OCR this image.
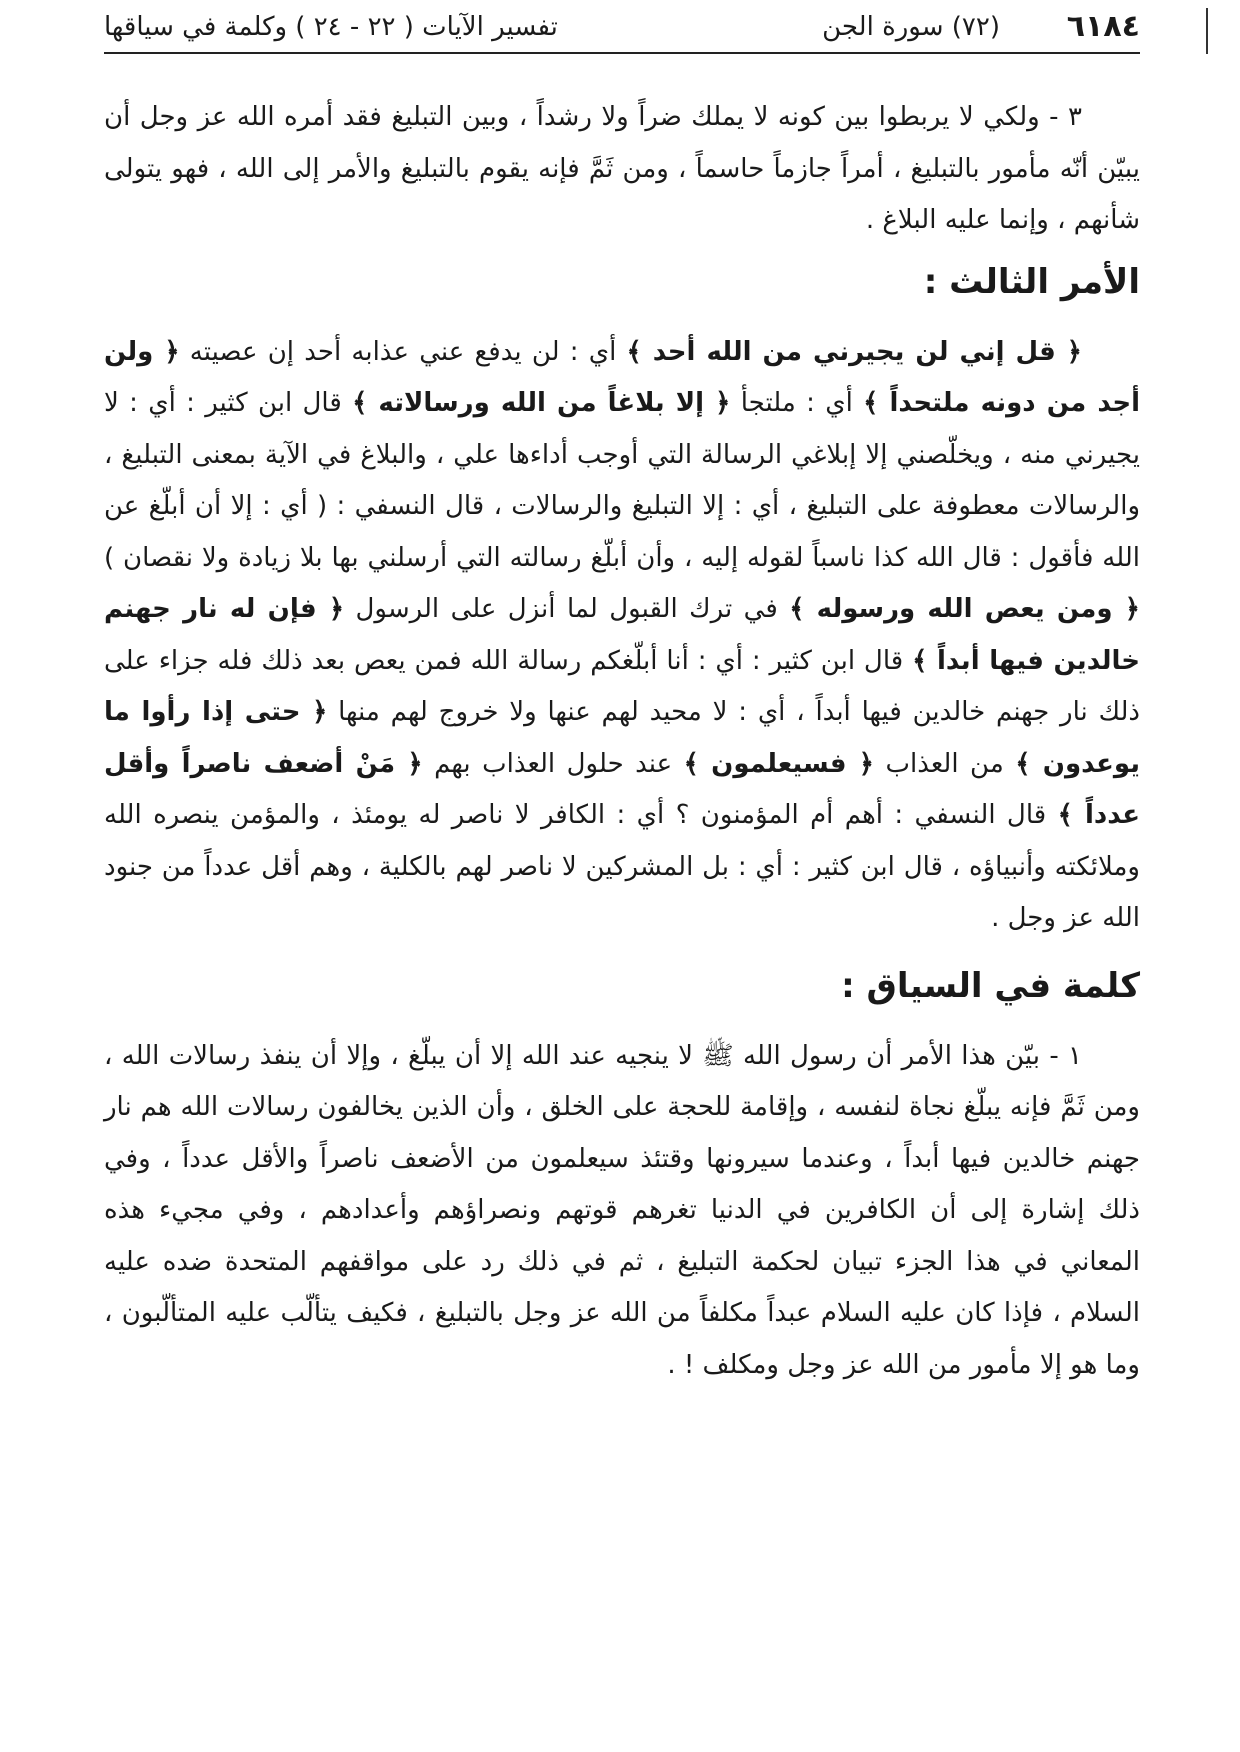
٦١٨٤
(٧٢) سورة الجن
تفسير الآيات ( ٢٢ - ٢٤ ) وكلمة في سياقها

٣ - ولكي لا يربطوا بين كونه لا يملك ضراً ولا رشداً ، وبين التبليغ فقد أمره الله عز وجل أن يبيّن أنّه مأمور بالتبليغ ، أمراً جازماً حاسماً ، ومن ثَمَّ فإنه يقوم بالتبليغ والأمر إلى الله ، فهو يتولى شأنهم ، وإنما عليه البلاغ .

الأمر الثالث :

﴿ قل إني لن يجيرني من الله أحد ﴾ أي : لن يدفع عني عذابه أحد إن عصيته ﴿ ولن أجد من دونه ملتحداً ﴾ أي : ملتجأ ﴿ إلا بلاغاً من الله ورسالاته ﴾ قال ابن كثير : أي : لا يجيرني منه ، ويخلّصني إلا إبلاغي الرسالة التي أوجب أداءها علي ، والبلاغ في الآية بمعنى التبليغ ، والرسالات معطوفة على التبليغ ، أي : إلا التبليغ والرسالات ، قال النسفي : ( أي : إلا أن أبلّغ عن الله فأقول : قال الله كذا ناسباً لقوله إليه ، وأن أبلّغ رسالته التي أرسلني بها بلا زيادة ولا نقصان ) ﴿ ومن يعص الله ورسوله ﴾ في ترك القبول لما أنزل على الرسول ﴿ فإن له نار جهنم خالدين فيها أبداً ﴾ قال ابن كثير : أي : أنا أبلّغكم رسالة الله فمن يعص بعد ذلك فله جزاء على ذلك نار جهنم خالدين فيها أبداً ، أي : لا محيد لهم عنها ولا خروج لهم منها ﴿ حتى إذا رأوا ما يوعدون ﴾ من العذاب ﴿ فسيعلمون ﴾ عند حلول العذاب بهم ﴿ مَنْ أضعف ناصراً وأقل عدداً ﴾ قال النسفي : أهم أم المؤمنون ؟ أي : الكافر لا ناصر له يومئذ ، والمؤمن ينصره الله وملائكته وأنبياؤه ، قال ابن كثير : أي : بل المشركين لا ناصر لهم بالكلية ، وهم أقل عدداً من جنود الله عز وجل .

كلمة في السياق :

١ - بيّن هذا الأمر أن رسول الله ﷺ لا ينجيه عند الله إلا أن يبلّغ ، وإلا أن ينفذ رسالات الله ، ومن ثَمَّ فإنه يبلّغ نجاة لنفسه ، وإقامة للحجة على الخلق ، وأن الذين يخالفون رسالات الله هم نار جهنم خالدين فيها أبداً ، وعندما سيرونها وقتئذ سيعلمون من الأضعف ناصراً والأقل عدداً ، وفي ذلك إشارة إلى أن الكافرين في الدنيا تغرهم قوتهم ونصراؤهم وأعدادهم ، وفي مجيء هذه المعاني في هذا الجزء تبيان لحكمة التبليغ ، ثم في ذلك رد على مواقفهم المتحدة ضده عليه السلام ، فإذا كان عليه السلام عبداً مكلفاً من الله عز وجل بالتبليغ ، فكيف يتألّب عليه المتألّبون ، وما هو إلا مأمور من الله عز وجل ومكلف ! .
